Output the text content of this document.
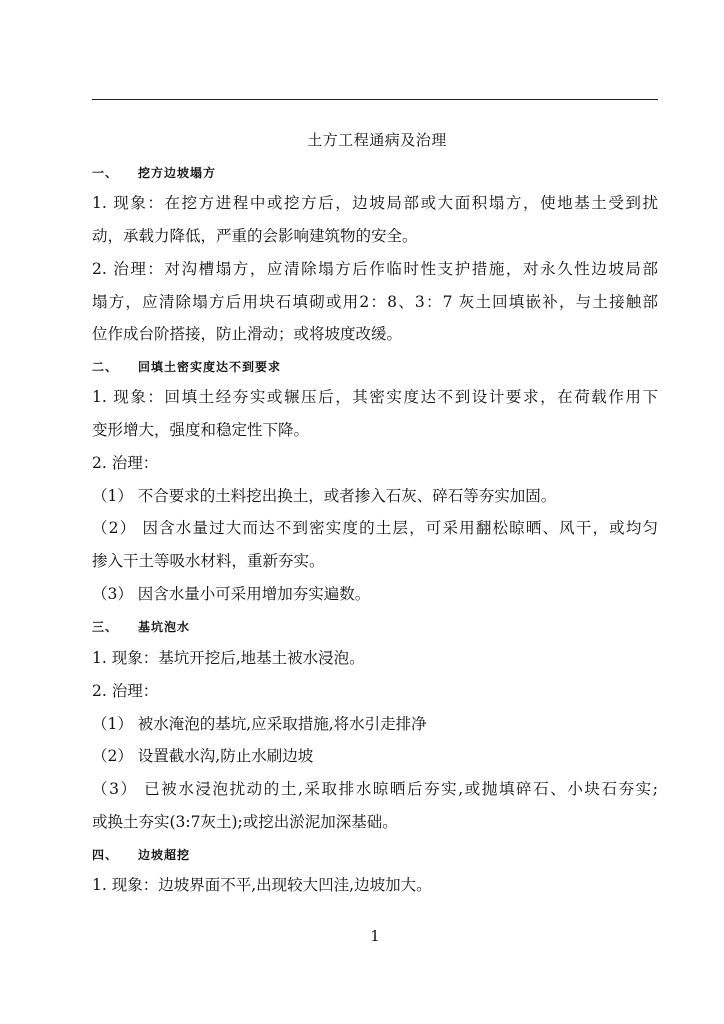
土方工程通病及治理
一、 挖方边坡塌方
1. 现象：在挖方进程中或挖方后，边坡局部或大面积塌方，使地基土受到扰
动，承载力降低，严重的会影响建筑物的安全。
2. 治理：对沟槽塌方，应清除塌方后作临时性支护措施，对永久性边坡局部
塌方，应清除塌方后用块石填砌或用2：8、3：7 灰土回填嵌补，与土接触部
位作成台阶搭接，防止滑动；或将坡度改缓。
二、 回填土密实度达不到要求
1. 现象：回填土经夯实或辗压后，其密实度达不到设计要求，在荷载作用下
变形增大，强度和稳定性下降。
2. 治理：
（1） 不合要求的土料挖出换土，或者掺入石灰、碎石等夯实加固。
（2） 因含水量过大而达不到密实度的土层，可采用翻松晾晒、风干，或均匀
掺入干土等吸水材料，重新夯实。
（3） 因含水量小可采用增加夯实遍数。
三、 基坑泡水
1. 现象：基坑开挖后,地基土被水浸泡。
2. 治理：
（1） 被水淹泡的基坑,应采取措施,将水引走排净
（2） 设置截水沟,防止水刷边坡
（3） 已被水浸泡扰动的土,采取排水晾晒后夯实,或抛填碎石、小块石夯实;
或换土夯实(3:7灰土);或挖出淤泥加深基础。
四、 边坡超挖
1. 现象：边坡界面不平,出现较大凹洼,边坡加大。
1
